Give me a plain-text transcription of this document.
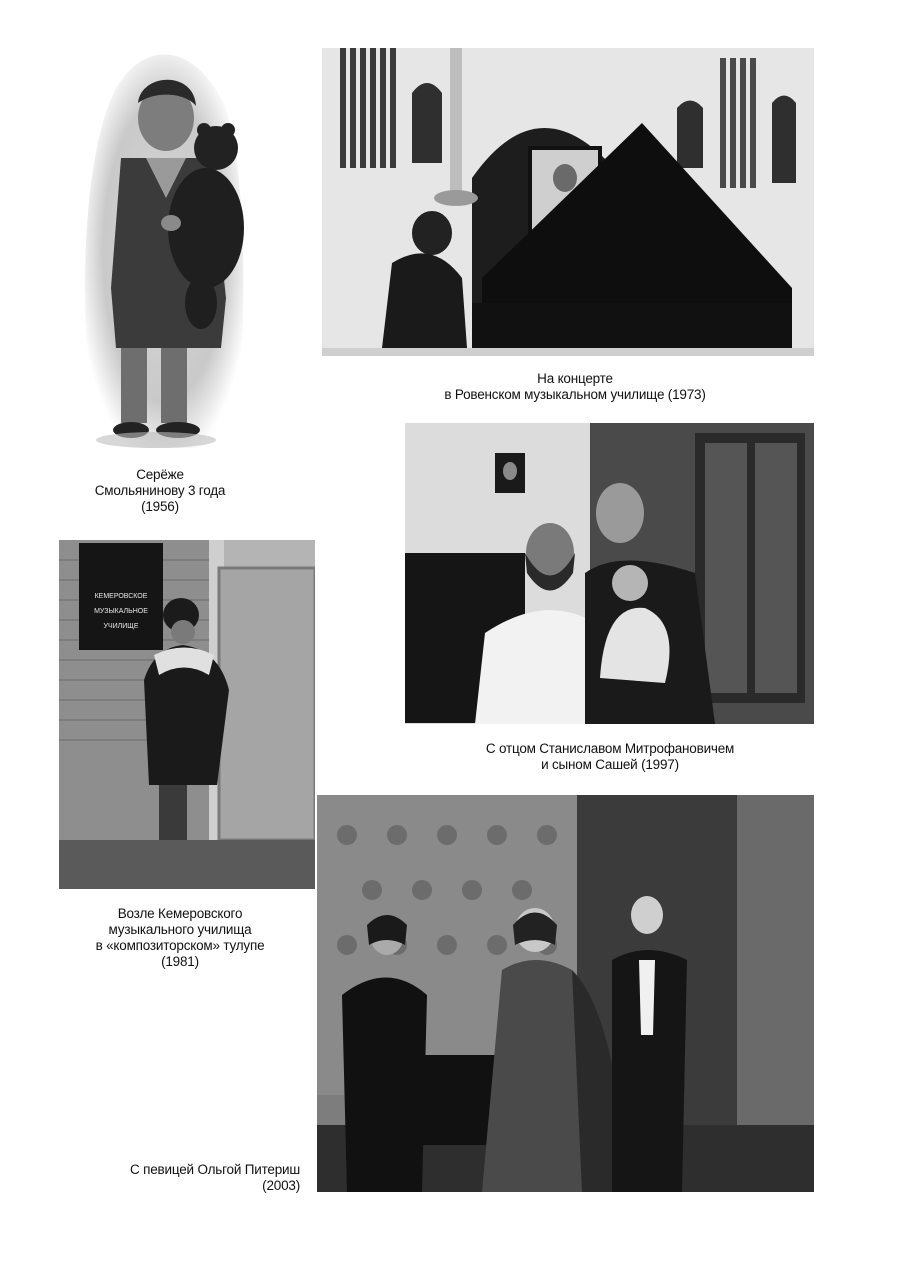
На концерте
в Ровенском музыкальном училище (1973)

С отцом Станиславом Митрофановичем
и сыном Сашей (1997)

Серёже
Смольянинову 3 года
(1956)

КЕМЕРОВСКОЕ
МУЗЫКАЛЬНОЕ
УЧИЛИЩЕ

Возле Кемеровского
музыкального училища
в «композиторском» тулупе
(1981)

С певицей Ольгой Питериш
(2003)
